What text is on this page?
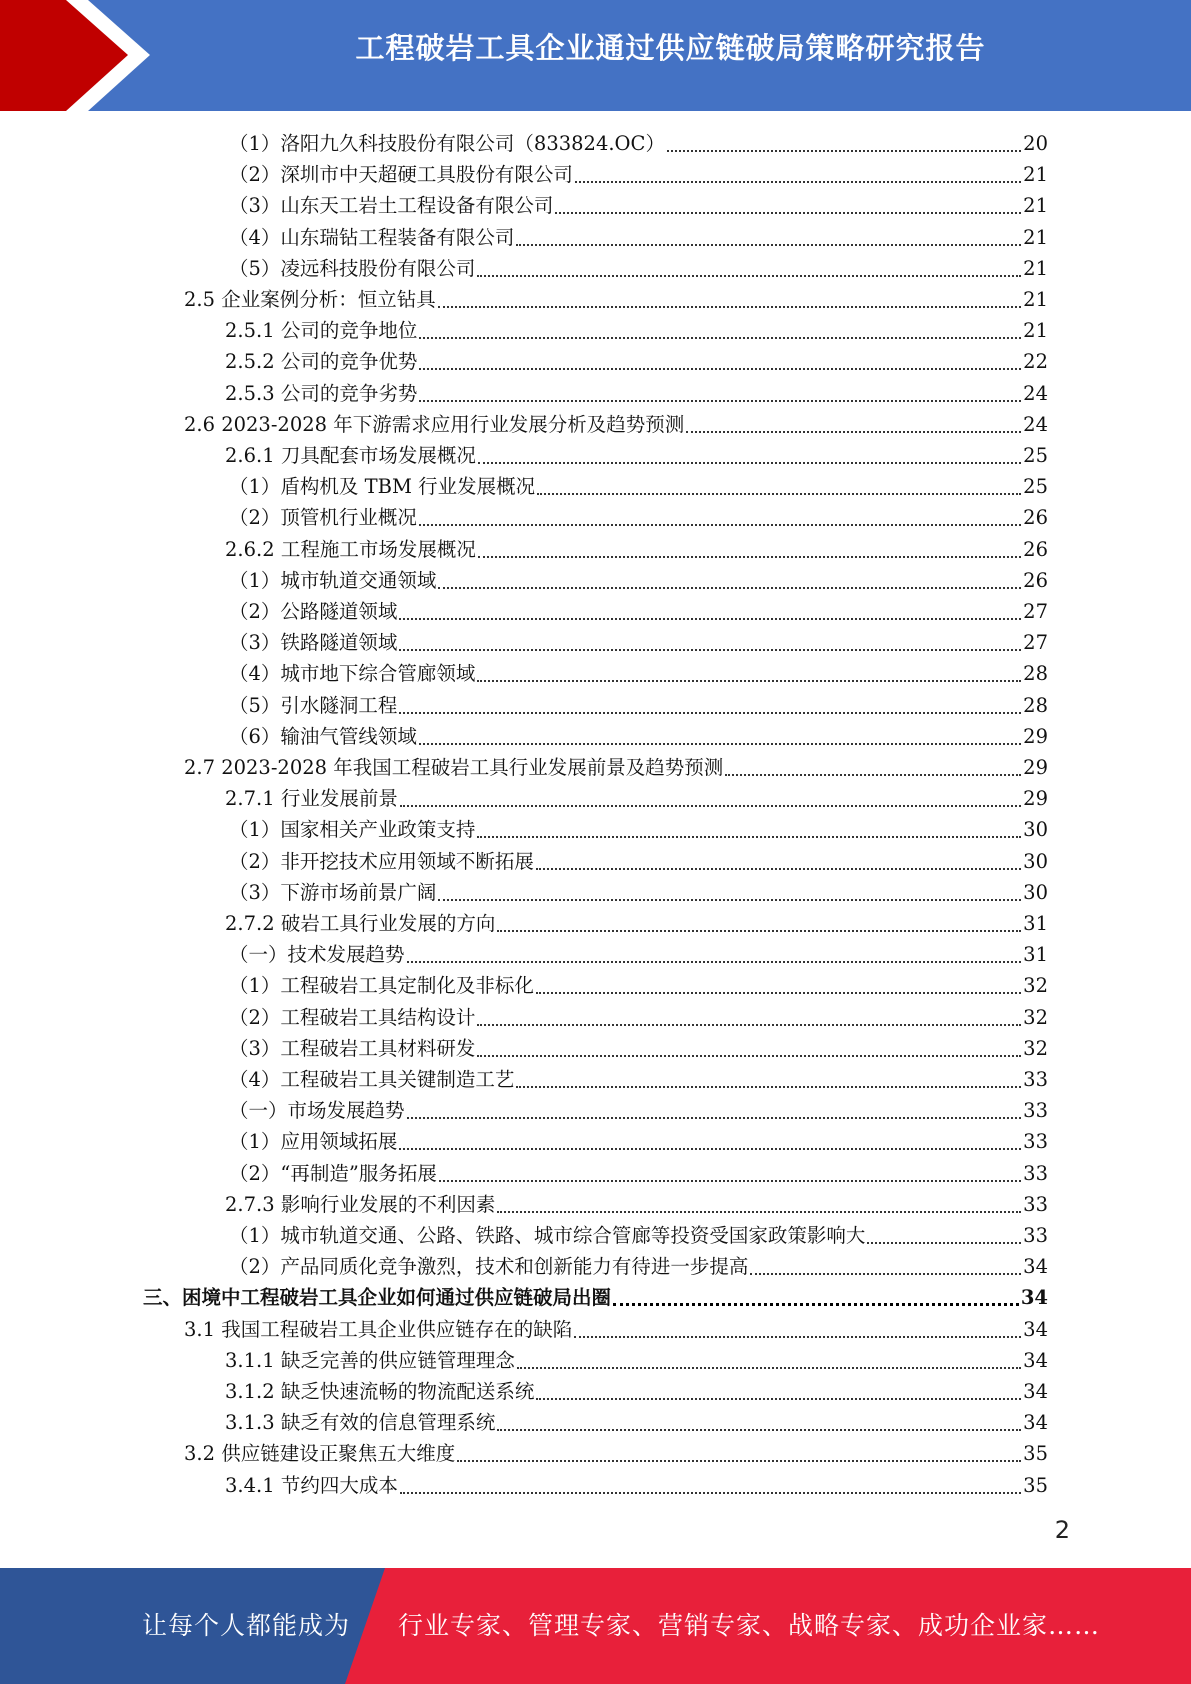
工程破岩工具企业通过供应链破局策略研究报告
（1）洛阳九久科技股份有限公司（833824.OC）	20
（2）深圳市中天超硬工具股份有限公司	21
（3）山东天工岩土工程设备有限公司	21
（4）山东瑞钻工程装备有限公司	21
（5）凌远科技股份有限公司	21
2.5 企业案例分析：恒立钻具	21
2.5.1 公司的竞争地位	21
2.5.2 公司的竞争优势	22
2.5.3 公司的竞争劣势	24
2.6 2023-2028 年下游需求应用行业发展分析及趋势预测	24
2.6.1 刀具配套市场发展概况	25
（1）盾构机及 TBM 行业发展概况	25
（2）顶管机行业概况	26
2.6.2 工程施工市场发展概况	26
（1）城市轨道交通领域	26
（2）公路隧道领域	27
（3）铁路隧道领域	27
（4）城市地下综合管廊领域	28
（5）引水隧洞工程	28
（6）输油气管线领域	29
2.7 2023-2028 年我国工程破岩工具行业发展前景及趋势预测	29
2.7.1 行业发展前景	29
（1）国家相关产业政策支持	30
（2）非开挖技术应用领域不断拓展	30
（3）下游市场前景广阔	30
2.7.2 破岩工具行业发展的方向	31
（一）技术发展趋势	31
（1）工程破岩工具定制化及非标化	32
（2）工程破岩工具结构设计	32
（3）工程破岩工具材料研发	32
（4）工程破岩工具关键制造工艺	33
（一）市场发展趋势	33
（1）应用领域拓展	33
（2）“再制造”服务拓展	33
2.7.3 影响行业发展的不利因素	33
（1）城市轨道交通、公路、铁路、城市综合管廊等投资受国家政策影响大	33
（2）产品同质化竞争激烈，技术和创新能力有待进一步提高	34
三、困境中工程破岩工具企业如何通过供应链破局出圈	34
3.1 我国工程破岩工具企业供应链存在的缺陷	34
3.1.1 缺乏完善的供应链管理理念	34
3.1.2 缺乏快速流畅的物流配送系统	34
3.1.3 缺乏有效的信息管理系统	34
3.2 供应链建设正聚焦五大维度	35
3.4.1 节约四大成本	35
2
让每个人都能成为 行业专家、管理专家、营销专家、战略专家、成功企业家……
